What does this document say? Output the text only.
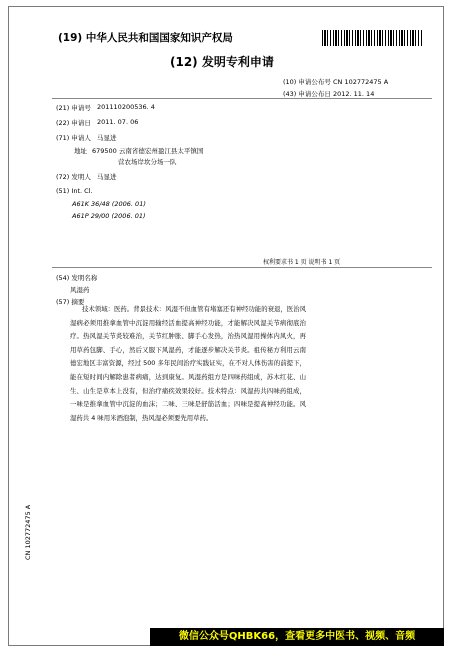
(19) 中华人民共和国国家知识产权局
(12) 发明专利申请
(10) 申请公布号 CN 102772475 A
(43) 申请公布日 2012. 11. 14
(21) 申请号 201110200536. 4
(22) 申请日 2011. 07. 06
(71) 申请人 马显进
地址 679500 云南省德宏州盈江县太平镇国
营农场岸坎分场一队
(72) 发明人 马显进
(51) Int. Cl.
A61K 36/48 (2006. 01)
A61P 29/00 (2006. 01)
权利要求书 1 页 说明书 1 页
(54) 发明名称
风湿药
(57) 摘要
技术领域：医药。背景技术：风湿不但血管有堵塞还有神经功能的衰退，医治风湿病必须用推拿血管中沉淀用输经活血提高神经功能，才能解决风湿关节病彻底治疗。热风湿关节炎较难治，关节红肿胀、脚手心发热，治热风湿用操体内风火，再用草药包脚、手心，然后又服下风湿药，才能逐步解决关节炎。祖传秘方利用云南德宏地区丰富资源，经过 500 多年民间治疗实践证实，在不对人体伤害的前提下，能在短时间内解除患者病痛，达到康复。风湿药组方是四味药组成，苏木红花、山生、山生是草本上没有，但治疗痛疾效果较好。技术特点：风湿药共四味药组成，一味是推拿血管中沉淀的血沫；二味、三味是舒筋活血；四味是提高神经功能。风湿药共 4 味用米酒泡制，热风湿必须要先用草药。
CN 102772475 A
微信公众号QHBK66，查看更多中医书、视频、音频
